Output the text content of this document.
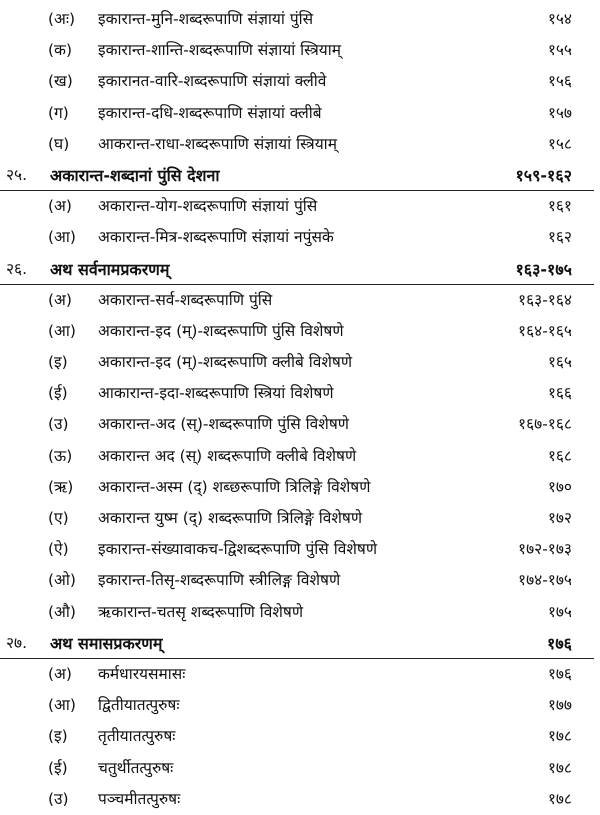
(अः) इकारान्त-मुनि-शब्दरूपाणि संज्ञायां पुंसि	१५४
(क) इकारान्त-शान्ति-शब्दरूपाणि संज्ञायां स्त्रियाम्	१५५
(ख) इकारानत-वारि-शब्दरूपाणि संज्ञायां क्लीवे	१५६
(ग) इकारान्त-दधि-शब्दरूपाणि संज्ञायां क्लीबे	१५७
(घ) आकरान्त-राधा-शब्दरूपाणि संज्ञायां स्त्रियाम्	१५८
२५. अकारान्त-शब्दानां पुंसि देशना	१५९-१६२
(अ) अकारान्त-योग-शब्दरूपाणि संज्ञायां पुंसि	१६१
(आ) अकारान्त-मित्र-शब्दरूपाणि संज्ञायां नपुंसके	१६२
२६. अथ सर्वनामप्रकरणम्	१६३-१७५
(अ) अकारान्त-सर्व-शब्दरूपाणि पुंसि	१६३-१६४
(आ) अकारान्त-इद (म्)-शब्दरूपाणि पुंसि विशेषणे	१६४-१६५
(इ) अकारान्त-इद (म्)-शब्दरूपाणि क्लीबे विशेषणे	१६५
(ई) आकारान्त-इदा-शब्दरूपाणि स्त्रियां विशेषणे	१६६
(उ) अकारान्त-अद (स्)-शब्दरूपाणि पुंसि विशेषणे	१६७-१६८
(ऊ) अकारान्त अद (स्) शब्दरूपाणि क्लीबे विशेषणे	१६८
(ऋ) अकारान्त-अस्म (द्) शब्छरूपाणि त्रिलिङ्गे विशेषणे	१७०
(ए) अकारान्त युष्म (द्) शब्दरूपाणि त्रिलिङ्गे विशेषणे	१७२
(ऐ) इकारान्त-संख्यावाकच-द्विशब्दरूपाणि पुंसि विशेषणे	१७२-१७३
(ओ) इकारान्त-तिसृ-शब्दरूपाणि स्त्रीलिङ्ग विशेषणे	१७४-१७५
(औ) ऋकारान्त-चतसृ शब्दरूपाणि विशेषणे	१७५
२७. अथ समासप्रकरणम्	१७६
(अ) कर्मधारयसमासः	१७६
(आ) द्वितीयातत्पुरुषः	१७७
(इ) तृतीयातत्पुरुषः	१७८
(ई) चतुर्थीतत्पुरुषः	१७८
(उ) पञ्चमीतत्पुरुषः	१७८
